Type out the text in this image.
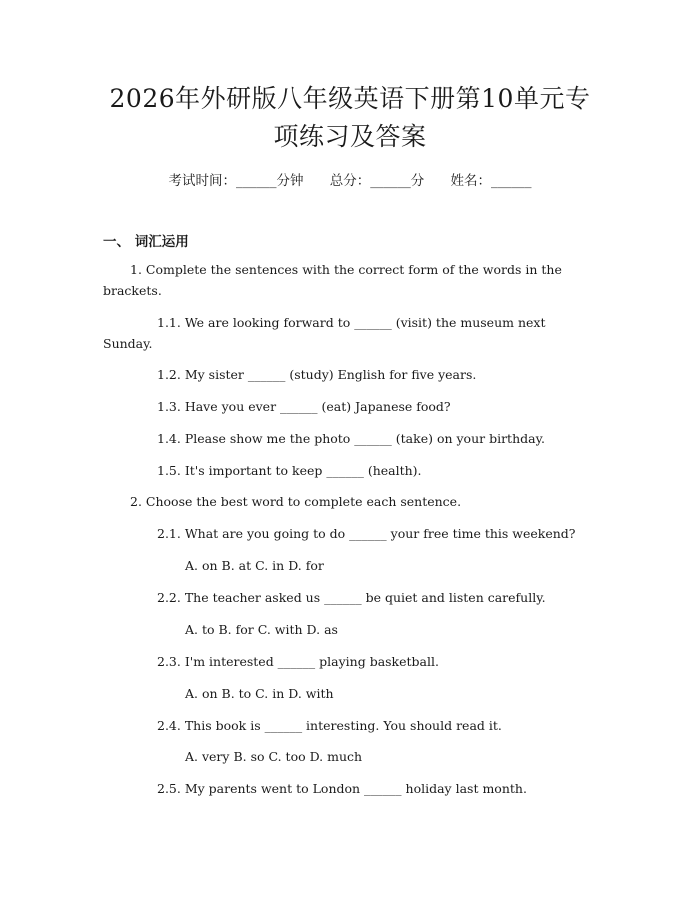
2026年外研版八年级英语下册第10单元专
项练习及答案
考试时间：______分钟 总分：______分 姓名：______
一、 词汇运用
1. Complete the sentences with the correct form of the words in the
brackets.
1.1. We are looking forward to ______ (visit) the museum next
Sunday.
1.2. My sister ______ (study) English for five years.
1.3. Have you ever ______ (eat) Japanese food?
1.4. Please show me the photo ______ (take) on your birthday.
1.5. It's important to keep ______ (health).
2. Choose the best word to complete each sentence.
2.1. What are you going to do ______ your free time this weekend?
A. on B. at C. in D. for
2.2. The teacher asked us ______ be quiet and listen carefully.
A. to B. for C. with D. as
2.3. I'm interested ______ playing basketball.
A. on B. to C. in D. with
2.4. This book is ______ interesting. You should read it.
A. very B. so C. too D. much
2.5. My parents went to London ______ holiday last month.
